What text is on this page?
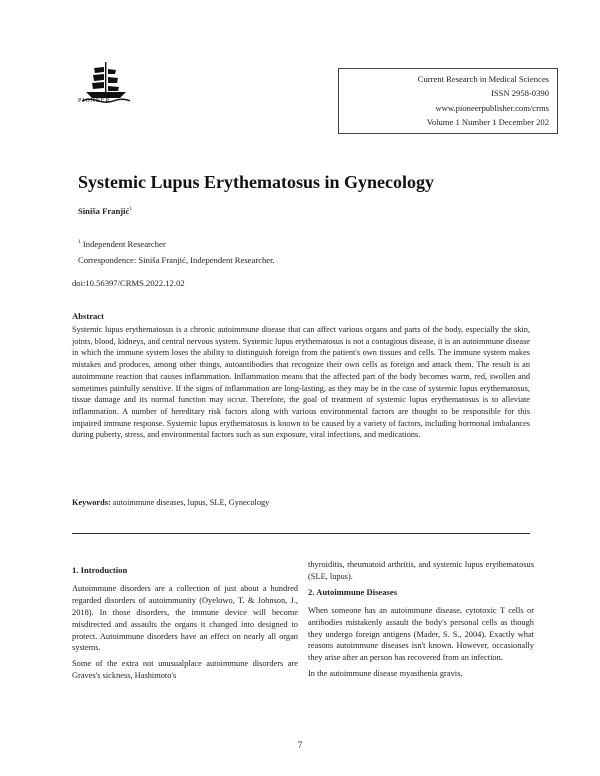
PIONEER
Current Research in Medical Sciences
ISSN 2958-0390
www.pioneerpublisher.com/crms
Volume 1 Number 1 December 202
Systemic Lupus Erythematosus in Gynecology
Siniša Franjić$^1$
$^1$ Independent Researcher
Correspondence: Siniša Franjić, Independent Researcher.
doi:10.56397/CRMS.2022.12.02
Abstract
Systemic lupus erythematosus is a chronic autoimmune disease that can affect various organs and parts of the body, especially the skin, joints, blood, kidneys, and central nervous system. Systemic lupus erythematosus is not a contagious disease, it is an autoimmune disease in which the immune system loses the ability to distinguish foreign from the patient's own tissues and cells. The immune system makes mistakes and produces, among other things, autoantibodies that recognize their own cells as foreign and attack them. The result is an autoimmune reaction that causes inflammation. Inflammation means that the affected part of the body becomes warm, red, swollen and sometimes painfully sensitive. If the signs of inflammation are long-lasting, as they may be in the case of systemic lupus erythematosus, tissue damage and its normal function may occur. Therefore, the goal of treatment of systemic lupus erythematosus is to alleviate inflammation. A number of hereditary risk factors along with various environmental factors are thought to be responsible for this impaired immune response. Systemic lupus erythematosus is known to be caused by a variety of factors, including hormonal imbalances during puberty, stress, and environmental factors such as sun exposure, viral infections, and medications.
Keywords: autoimmune diseases, lupus, SLE, Gynecology
1. Introduction

Autoimmune disorders are a collection of just about a hundred regarded disorders of autoimmunity (Oyelowo, T. & Johnson, J., 2018). In those disorders, the immune device will become misdirected and assaults the organs it changed into designed to protect. Autoimmune disorders have an effect on nearly all organ systems.

Some of the extra not unusualplace autoimmune disorders are Graves's sickness, Hashimoto's

thyroiditis, rheumatoid arthritis, and systemic lupus erythematosus (SLE, lupus).

2. Autoimmune Diseases

When someone has an autoimmune disease, cytotoxic T cells or antibodies mistakenly assault the body's personal cells as though they undergo foreign antigens (Mader, S. S., 2004). Exactly what reasons autoimmune diseases isn't known. However, occasionally they arise after an person has recovered from an infection.

In the autoimmune disease myasthenia gravis,

7
